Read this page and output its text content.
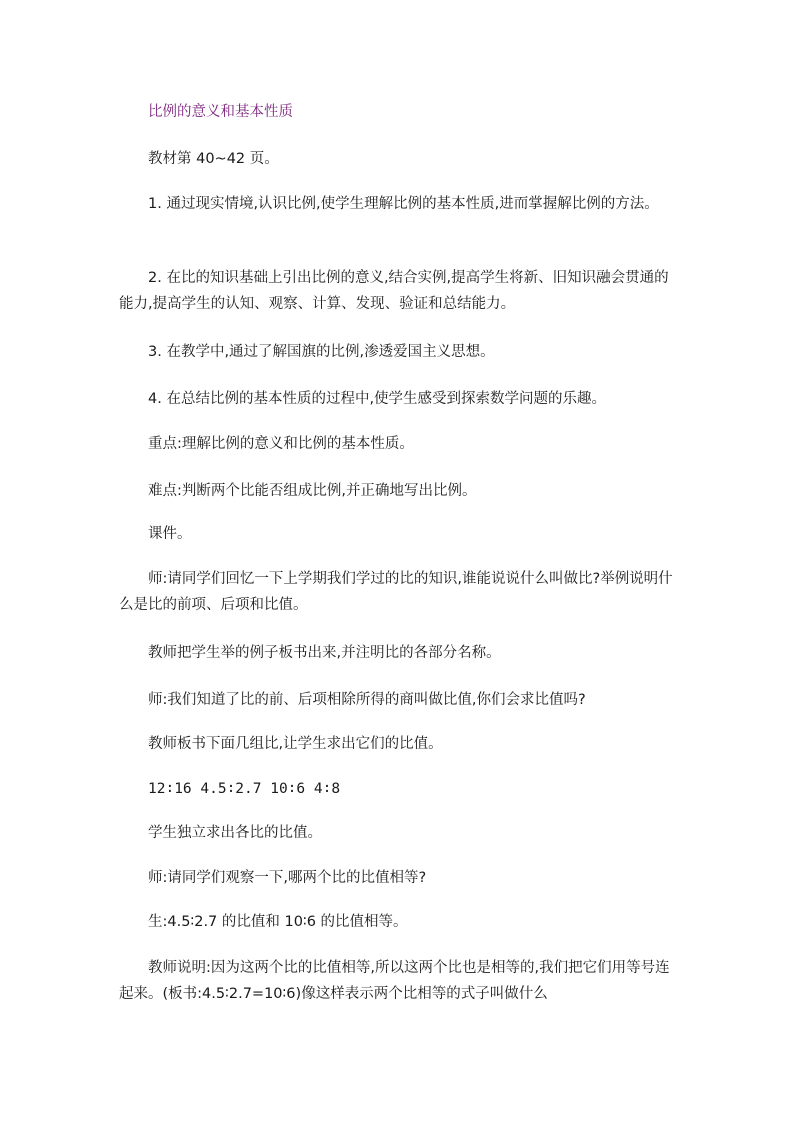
比例的意义和基本性质
教材第 40~42 页。
1. 通过现实情境,认识比例,使学生理解比例的基本性质,进而掌握解比例的方法。
2. 在比的知识基础上引出比例的意义,结合实例,提高学生将新、旧知识融会贯通的能力,提高学生的认知、观察、计算、发现、验证和总结能力。
3. 在教学中,通过了解国旗的比例,渗透爱国主义思想。
4. 在总结比例的基本性质的过程中,使学生感受到探索数学问题的乐趣。
重点:理解比例的意义和比例的基本性质。
难点:判断两个比能否组成比例,并正确地写出比例。
课件。
师:请同学们回忆一下上学期我们学过的比的知识,谁能说说什么叫做比?举例说明什么是比的前项、后项和比值。
教师把学生举的例子板书出来,并注明比的各部分名称。
师:我们知道了比的前、后项相除所得的商叫做比值,你们会求比值吗?
教师板书下面几组比,让学生求出它们的比值。
12∶16 4.5∶2.7 10∶6 4∶8
学生独立求出各比的比值。
师:请同学们观察一下,哪两个比的比值相等?
生:4.5∶2.7 的比值和 10∶6 的比值相等。
教师说明:因为这两个比的比值相等,所以这两个比也是相等的,我们把它们用等号连起来。(板书:4.5∶2.7=10∶6)像这样表示两个比相等的式子叫做什么
